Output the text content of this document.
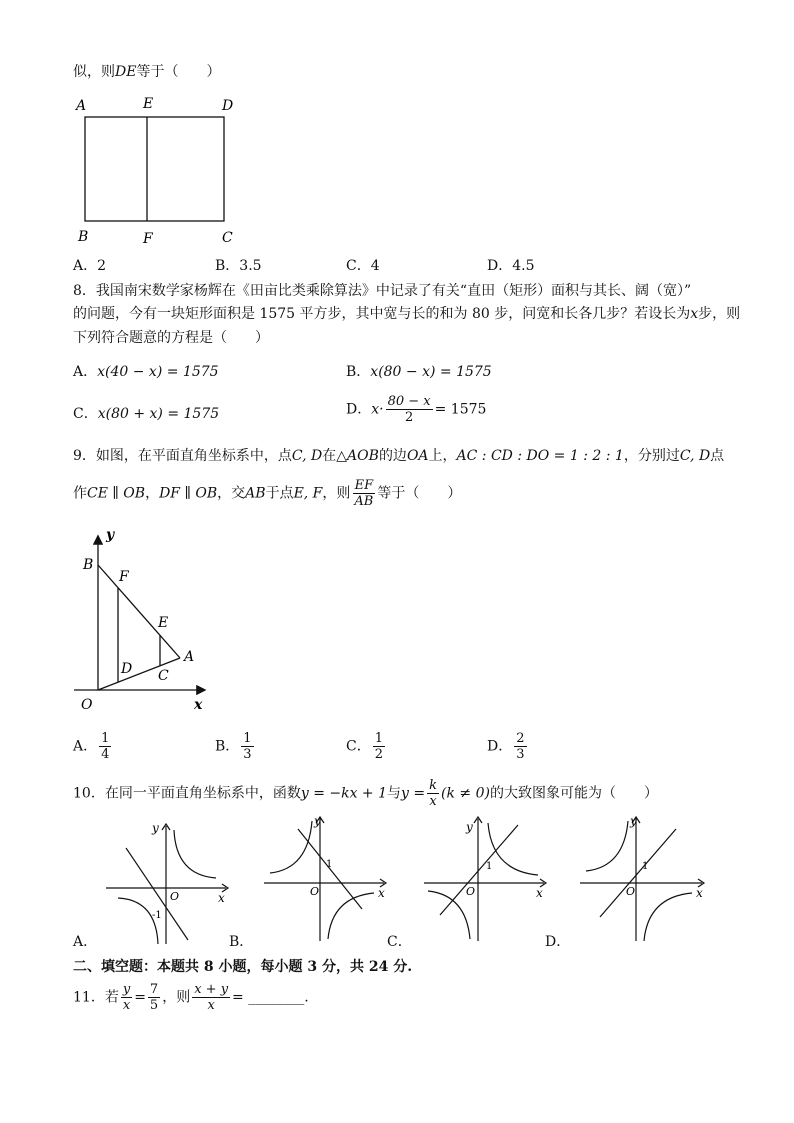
似，则DE等于（　　）
A	E	D
B	F	C
A．2	B．3.5	C．4	D．4.5
8．我国南宋数学家杨辉在《田亩比类乘除算法》中记录了有关“直田（矩形）面积与其长、阔（宽）”
的问题，今有一块矩形面积是 1575 平方步，其中宽与长的和为 80 步，问宽和长各几步？若设长为x步，则
下列符合题意的方程是（　　）
A．x(40 − x) = 1575	B．x(80 − x) = 1575
C．x(80 + x) = 1575	D．$x\cdot \frac{80 - x}{2} = 1575$
9．如图，在平面直角坐标系中，点C, D在△AOB的边OA上，AC : CD : DO = 1 : 2 : 1，分别过C, D点
作CE ∥ OB，DF ∥ OB，交AB于点E, F，则 $\frac{EF}{AB}$ 等于（　　）
y
x
B
F
E
A
D C
O
A． $\frac{1}{4}$	B． $\frac{1}{3}$	C． $\frac{1}{2}$	D． $\frac{2}{3}$
10．在同一平面直角坐标系中，函数y = −kx + 1与$y = \frac{k}{x} (k \ne 0)$的大致图象可能为（　　）
y
x
O
-1
A．
y
x
O
1
B．
y
x
O
1
C．
y
x
O
1
D．
二、填空题：本题共 8 小题，每小题 3 分，共 24 分.
11．若 $\frac{y}{x} = \frac{7}{5}$ ，则 $\frac{x + y}{x}$ = ________.
